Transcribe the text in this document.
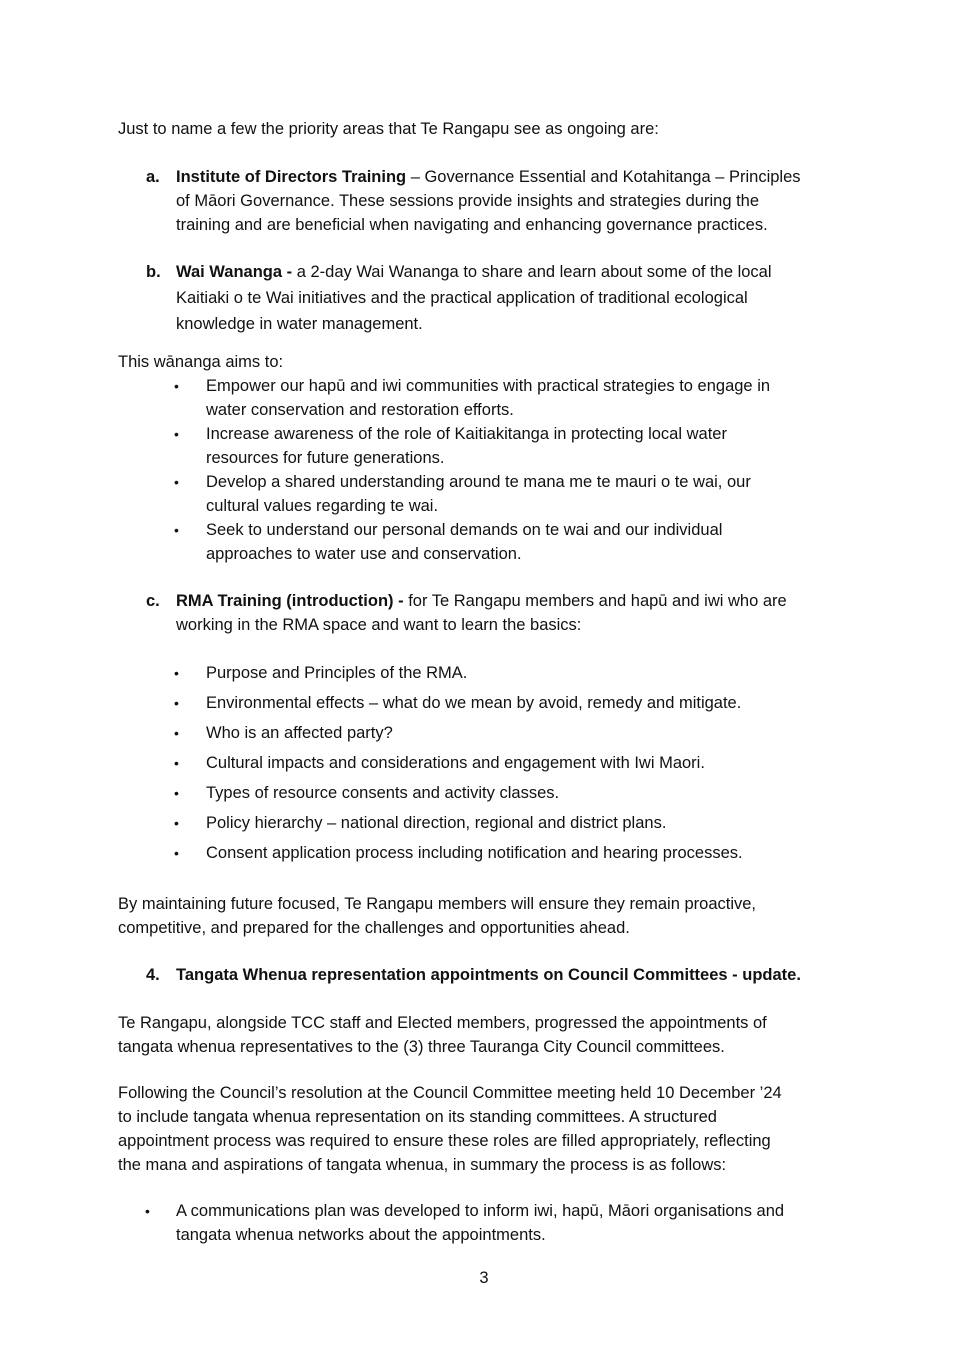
Just to name a few the priority areas that Te Rangapu see as ongoing are:
a. Institute of Directors Training – Governance Essential and Kotahitanga – Principles
of Māori Governance. These sessions provide insights and strategies during the
training and are beneficial when navigating and enhancing governance practices.
b. Wai Wananga - a 2-day Wai Wananga to share and learn about some of the local
Kaitiaki o te Wai initiatives and the practical application of traditional ecological
knowledge in water management.
This wānanga aims to:
• Empower our hapū and iwi communities with practical strategies to engage in
water conservation and restoration efforts.
• Increase awareness of the role of Kaitiakitanga in protecting local water
resources for future generations.
• Develop a shared understanding around te mana me te mauri o te wai, our
cultural values regarding te wai.
• Seek to understand our personal demands on te wai and our individual
approaches to water use and conservation.
c. RMA Training (introduction) - for Te Rangapu members and hapū and iwi who are
working in the RMA space and want to learn the basics:
• Purpose and Principles of the RMA.
• Environmental effects – what do we mean by avoid, remedy and mitigate.
• Who is an affected party?
• Cultural impacts and considerations and engagement with Iwi Maori.
• Types of resource consents and activity classes.
• Policy hierarchy – national direction, regional and district plans.
• Consent application process including notification and hearing processes.
By maintaining future focused, Te Rangapu members will ensure they remain proactive,
competitive, and prepared for the challenges and opportunities ahead.
4. Tangata Whenua representation appointments on Council Committees - update.
Te Rangapu, alongside TCC staff and Elected members, progressed the appointments of
tangata whenua representatives to the (3) three Tauranga City Council committees.
Following the Council’s resolution at the Council Committee meeting held 10 December ’24
to include tangata whenua representation on its standing committees. A structured
appointment process was required to ensure these roles are filled appropriately, reflecting
the mana and aspirations of tangata whenua, in summary the process is as follows:
• A communications plan was developed to inform iwi, hapū, Māori organisations and
tangata whenua networks about the appointments.
3
